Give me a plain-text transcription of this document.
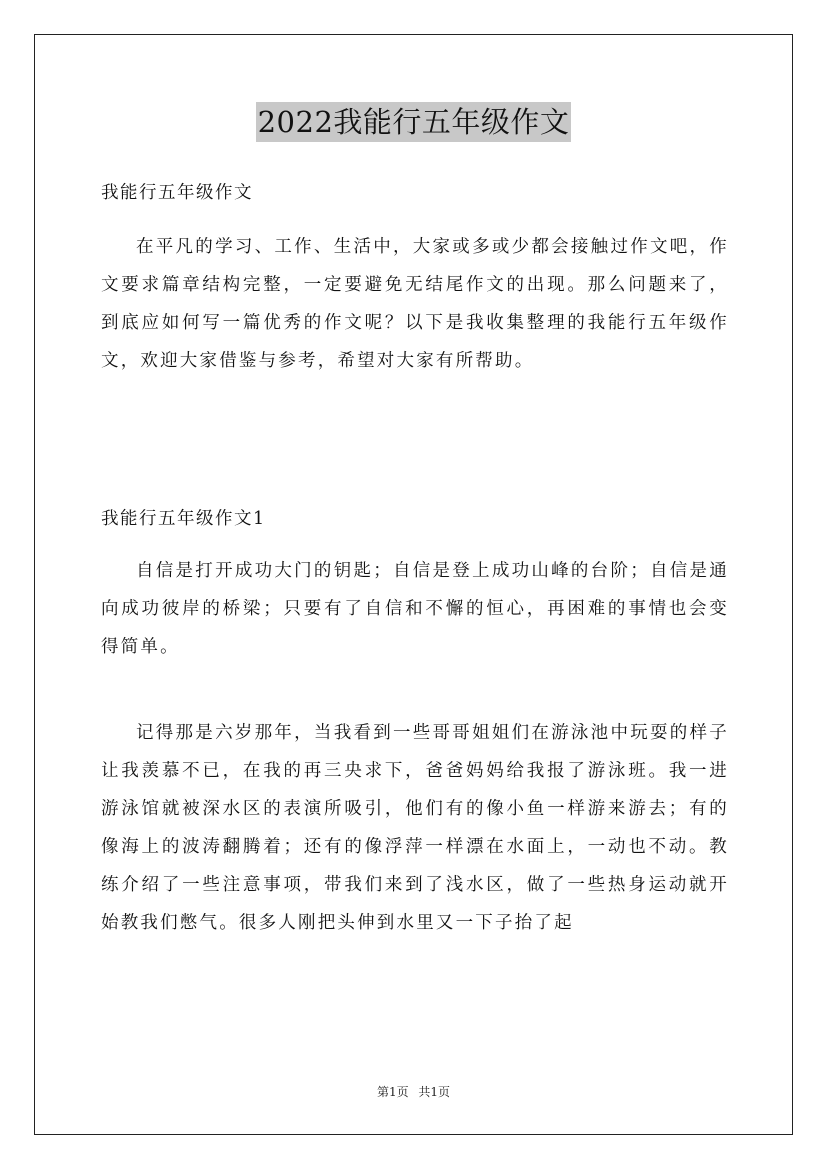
2022我能行五年级作文
我能行五年级作文
在平凡的学习、工作、生活中，大家或多或少都会接触过作文吧，作文要求篇章结构完整，一定要避免无结尾作文的出现。那么问题来了，到底应如何写一篇优秀的作文呢？以下是我收集整理的我能行五年级作文，欢迎大家借鉴与参考，希望对大家有所帮助。
我能行五年级作文1
自信是打开成功大门的钥匙；自信是登上成功山峰的台阶；自信是通向成功彼岸的桥梁；只要有了自信和不懈的恒心，再困难的事情也会变得简单。
记得那是六岁那年，当我看到一些哥哥姐姐们在游泳池中玩耍的样子让我羡慕不已，在我的再三央求下，爸爸妈妈给我报了游泳班。我一进游泳馆就被深水区的表演所吸引，他们有的像小鱼一样游来游去；有的像海上的波涛翻腾着；还有的像浮萍一样漂在水面上，一动也不动。教练介绍了一些注意事项，带我们来到了浅水区，做了一些热身运动就开始教我们憋气。很多人刚把头伸到水里又一下子抬了起
第1页 共1页
